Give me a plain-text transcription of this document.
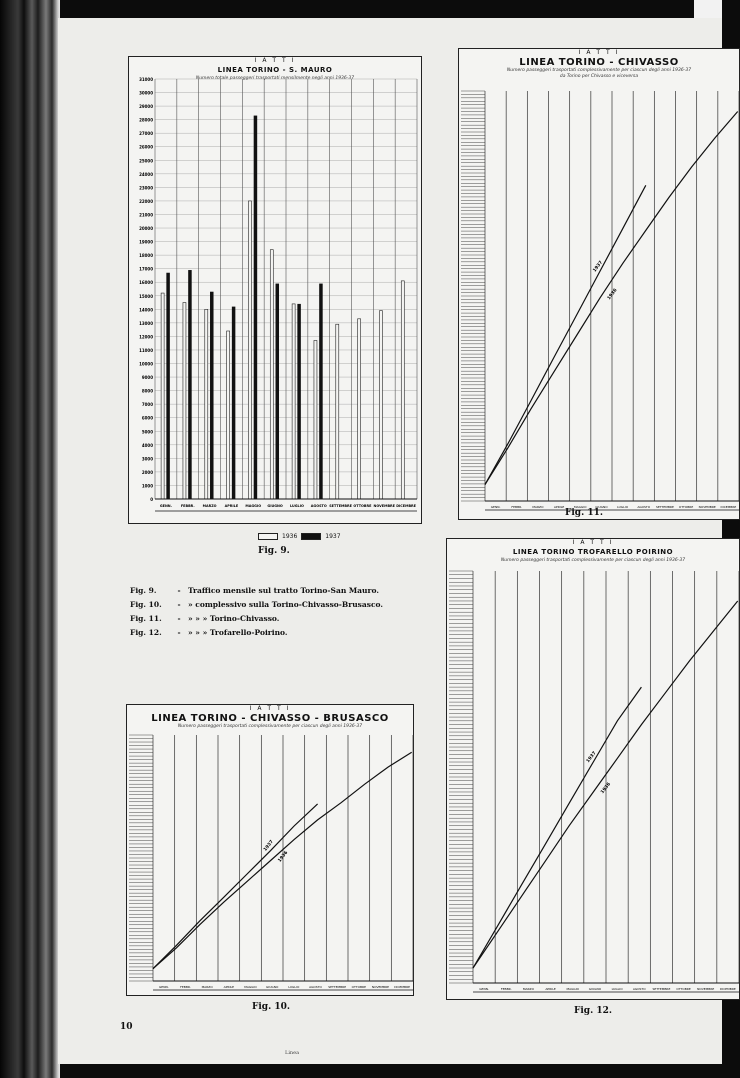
I A T T I
LINEA TORINO - S. MAURO
Numero totale passeggeri trasportati mensilmente negli anni 1936-37
31000
30000
29000
28000
27000
26000
25000
24000
23000
22000
21000
20000
19000
18000
17000
16000
15000
14000
13000
12000
11000
10000
9000
8000
7000
6000
5000
4000
3000
2000
1000
0
GENN.	FEBBR. MARZO APRILE MAGGIO GIUGNO LUGLIO AGOSTO SETTEMBRE OTTOBRE NOVEMBRE DICEMBRE
1936	1937
Fig. 9.
I A T T I
LINEA TORINO - CHIVASSO
Numero passeggeri trasportati complessivamente per ciascun degli anni 1936-37
da Torino per Chivasso e viceversa
GENN.	FEBBR.	MARZO	APRILE	MAGGIO	GIUGNO	LUGLIO	AGOSTO SETTEMBRE OTTOBRE NOVEMBRE DICEMBRE
1937
1936
Fig. 11.
I A T T I
LINEA TORINO TROFARELLO POIRINO
Numero passeggeri trasportati complessivamente per ciascun degli anni 1936-37
GENN.	FEBBR.	MARZO	APRILE	MAGGIO	GIUGNO	LUGLIO	AGOSTO SETTEMBRE OTTOBRE NOVEMBRE DICEMBRE
1937
1936
Fig. 12.
I A T T I
LINEA TORINO - CHIVASSO - BRUSASCO
Numero passeggeri trasportati complessivamente per ciascun degli anni 1936-37
GENN.	FEBBR.	MARZO	APRILE	MAGGIO	GIUGNO	LUGLIO	AGOSTO SETTEMBRE OTTOBRE NOVEMBRE DICEMBRE
1937
1936
Fig. 10.
Fig. 9.	- Traffico mensile sul tratto Torino-San Mauro.
Fig. 10. - » complessivo sulla Torino-Chivasso-Brusasco.
Fig. 11. - » » » Torino-Chivasso.
Fig. 12. - » » » Trofarello-Poirino.
10
Linea
